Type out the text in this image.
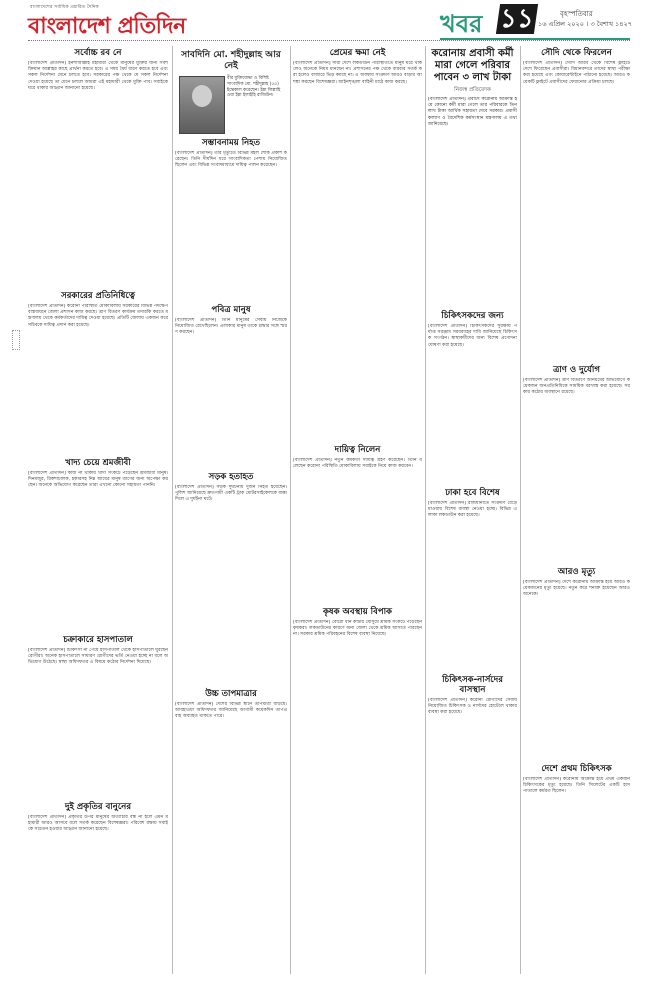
বাংলাদেশের সর্বাধিক প্রচারিত দৈনিক
বাংলাদেশ প্রতিদিন	খবর ১১	বৃহস্পতিবার
১৬ এপ্রিল ২০২০ । ৩ বৈশাখ ১৪২৭
সর্বোচ্চ রব নে
[বাংলাদেশ প্রতিদিন] ইনশাআল্লাহ মহামারী থেকে মানুষের মুক্তির জন্য সর্বশক্তিমান আল্লাহর কাছে প্রার্থনা করতে হবে। এ সময় ধৈর্য ধারণ করতে হবে এবং সকল নির্দেশনা মেনে চলতে হবে। সরকারের পক্ষ থেকে যে সকল নির্দেশনা দেওয়া হয়েছে তা মেনে চললে আমরা এই মহামারী থেকে মুক্তি পাব। সবাইকে ঘরে থাকার আহ্বান জানানো হয়েছে।
সরকারের প্রতিনিধিত্বে
[বাংলাদেশ প্রতিদিন] করোনা পরিস্থিতি মোকাবিলায় সরকারের বিভিন্ন পদক্ষেপ বাস্তবায়নে জেলা প্রশাসন কাজ করছে। ত্রাণ বিতরণ কার্যক্রম তদারকি করতে মন্ত্রণালয় থেকে কর্মকর্তাদের দায়িত্ব দেওয়া হয়েছে। প্রতিটি জেলায় একজন করে সচিবকে দায়িত্ব প্রদান করা হয়েছে।
খাদ্য চেয়ে শ্রমজীবী
[বাংলাদেশ প্রতিদিন] কাজ না থাকায় খাদ্য সংকটে পড়েছেন শ্রমজীবী মানুষ। দিনমজুর, রিকশাচালক, হকারসহ নিম্ন আয়ের মানুষ ত্রাণের জন্য অপেক্ষা করছেন। অনেকে অভিযোগ করেছেন তারা এখনো কোনো সহায়তা পাননি।
চক্রাকারে হাসপাতাল
[বাংলাদেশ প্রতিদিন] চিকিৎসা না পেয়ে হাসপাতাল থেকে হাসপাতালে ঘুরছেন রোগীরা। অনেক হাসপাতালে সাধারণ রোগীদের ভর্তি নেওয়া হচ্ছে না বলে অভিযোগ উঠেছে। স্বাস্থ্য অধিদফতর এ বিষয়ে কঠোর নির্দেশনা দিয়েছে।
দুই প্রকৃতির বানুনের
[বাংলাদেশ প্রতিদিন] প্রকৃতির উপর মানুষের অত্যাচার বন্ধ না হলে এমন মহামারী আরও আসবে বলে সতর্ক করেছেন বিশেষজ্ঞরা। পরিবেশ রক্ষায় সবাইকে সচেতন হওয়ার আহ্বান জানানো হয়েছে।
সাবদিনি মো. শহীদুল্লাহ আর নেই
বীর মুক্তিযোদ্ধা ও বিশিষ্ট সাংবাদিক মো. শহীদুল্লাহ (৫৫) ইন্তেকাল করেছেন। ইন্না লিল্লাহি ওয়া ইন্না ইলাইহি রাজিউন।
সম্ভাবনাময় নিহত
[বাংলাদেশ প্রতিদিন] তার মৃত্যুতে বিভিন্ন মহল শোক প্রকাশ করেছেন। তিনি দীর্ঘদিন ধরে সাংবাদিকতা পেশায় নিয়োজিত ছিলেন এবং বিভিন্ন সংবাদমাধ্যমে দায়িত্ব পালন করেছেন।
পবিত্র মানুষ
[বাংলাদেশ প্রতিদিন] তিনি মানুষের সেবায় নিজেকে নিয়োজিত রেখেছিলেন। এলাকার মানুষ তাকে শ্রদ্ধার সঙ্গে স্মরণ করছেন।
সড়ক হতাহত
[বাংলাদেশ প্রতিদিন] সড়ক দুর্ঘটনায় দুজন নিহত হয়েছেন। পুলিশ জানিয়েছে দ্রুতগামী একটি ট্রাক মোটরসাইকেলকে ধাক্কা দিলে এ দুর্ঘটনা ঘটে।
উচ্চ তাপমাত্রার
[বাংলাদেশ প্রতিদিন] দেশের বিভিন্ন স্থানে তাপমাত্রা বাড়ছে। আবহাওয়া অধিদফতর জানিয়েছে আগামী কয়েকদিন তাপপ্রবাহ অব্যাহত থাকতে পারে।
প্রেমের ক্ষমা নেই
[বাংলাদেশ প্রতিদিন] সারা দেশে লকডাউন পরিস্থিতিতে মানুষ ঘরে থাকলেও অনেকে নিয়ম মানছেন না। প্রশাসনের পক্ষ থেকে বারবার সতর্ক করা হলেও বাজারে ভিড় কমছে না। এ অবস্থায় সংক্রমণ আরও বাড়ার আশঙ্কা করছেন বিশেষজ্ঞরা। আইনশৃঙ্খলা বাহিনী মাঠে কাজ করছে।
দায়িত্ব নিলেন
[বাংলাদেশ প্রতিদিন] নতুন কর্মকর্তা দায়িত্ব গ্রহণ করেছেন। তিনি বলেছেন করোনা পরিস্থিতি মোকাবিলায় সবাইকে নিয়ে কাজ করবেন।
কৃষক অবস্থায় বিপাক
[বাংলাদেশ প্রতিদিন] বোরো ধান কাটার মৌসুমে শ্রমিক সংকটে পড়েছেন কৃষকরা। লকডাউনের কারণে অন্য জেলা থেকে শ্রমিক আসতে পারছেন না। সরকার শ্রমিক পরিবহনের বিশেষ ব্যবস্থা নিয়েছে।
করোনায় প্রবাসী কর্মী মারা গেলে পরিবার পাবেন ৩ লাখ টাকা
নিজস্ব প্রতিবেদক
[বাংলাদেশ প্রতিদিন] প্রবাসে করোনায় আক্রান্ত হয়ে কোনো কর্মী মারা গেলে তার পরিবারকে তিন লাখ টাকা আর্থিক সহায়তা দেবে সরকার। প্রবাসী কল্যাণ ও বৈদেশিক কর্মসংস্থান মন্ত্রণালয় এ তথ্য জানিয়েছে।
চিকিৎসকদের জন্য
[বাংলাদেশ প্রতিদিন] চিকিৎসকদের সুরক্ষায় পর্যাপ্ত সরঞ্জাম সরবরাহের দাবি জানিয়েছে চিকিৎসক সংগঠন। স্বাস্থ্যকর্মীদের জন্য বিশেষ প্রণোদনা ঘোষণা করা হয়েছে।
ঢাকা হবে বিশেষ
[বাংলাদেশ প্রতিদিন] রাজধানীতে সংক্রমণ বেড়ে যাওয়ায় বিশেষ ব্যবস্থা নেওয়া হচ্ছে। বিভিন্ন এলাকা লকডাউন করা হয়েছে।
চিকিৎসক-নার্সদের বাসস্থান
[বাংলাদেশ প্রতিদিন] করোনা রোগীদের সেবায় নিয়োজিত চিকিৎসক ও নার্সদের হোটেলে থাকার ব্যবস্থা করা হয়েছে।
সৌদি থেকে ফিরলেন
[বাংলাদেশ প্রতিদিন] সৌদি আরব থেকে বিশেষ ফ্লাইটে দেশে ফিরেছেন প্রবাসীরা। বিমানবন্দরে তাদের স্বাস্থ্য পরীক্ষা করা হয়েছে এবং কোয়ারেন্টাইনে পাঠানো হয়েছে। আরও কয়েকটি ফ্লাইটে প্রবাসীদের ফেরানোর প্রক্রিয়া চলছে।
ত্রাণ ও দুর্যোগ
[বাংলাদেশ প্রতিদিন] ত্রাণ বিতরণে অনিয়মের অভিযোগে কয়েকজন জনপ্রতিনিধিকে সাময়িক বরখাস্ত করা হয়েছে। সরকার কঠোর অবস্থানে রয়েছে।
আরও মৃত্যু
[বাংলাদেশ প্রতিদিন] দেশে করোনায় আক্রান্ত হয়ে আরও কয়েকজনের মৃত্যু হয়েছে। নতুন করে শনাক্ত হয়েছেন আরও অনেকে।
দেশে প্রথম চিকিৎসক
[বাংলাদেশ প্রতিদিন] করোনায় আক্রান্ত হয়ে প্রথম একজন চিকিৎসকের মৃত্যু হয়েছে। তিনি সিলেটের একটি হাসপাতালে কর্মরত ছিলেন।
